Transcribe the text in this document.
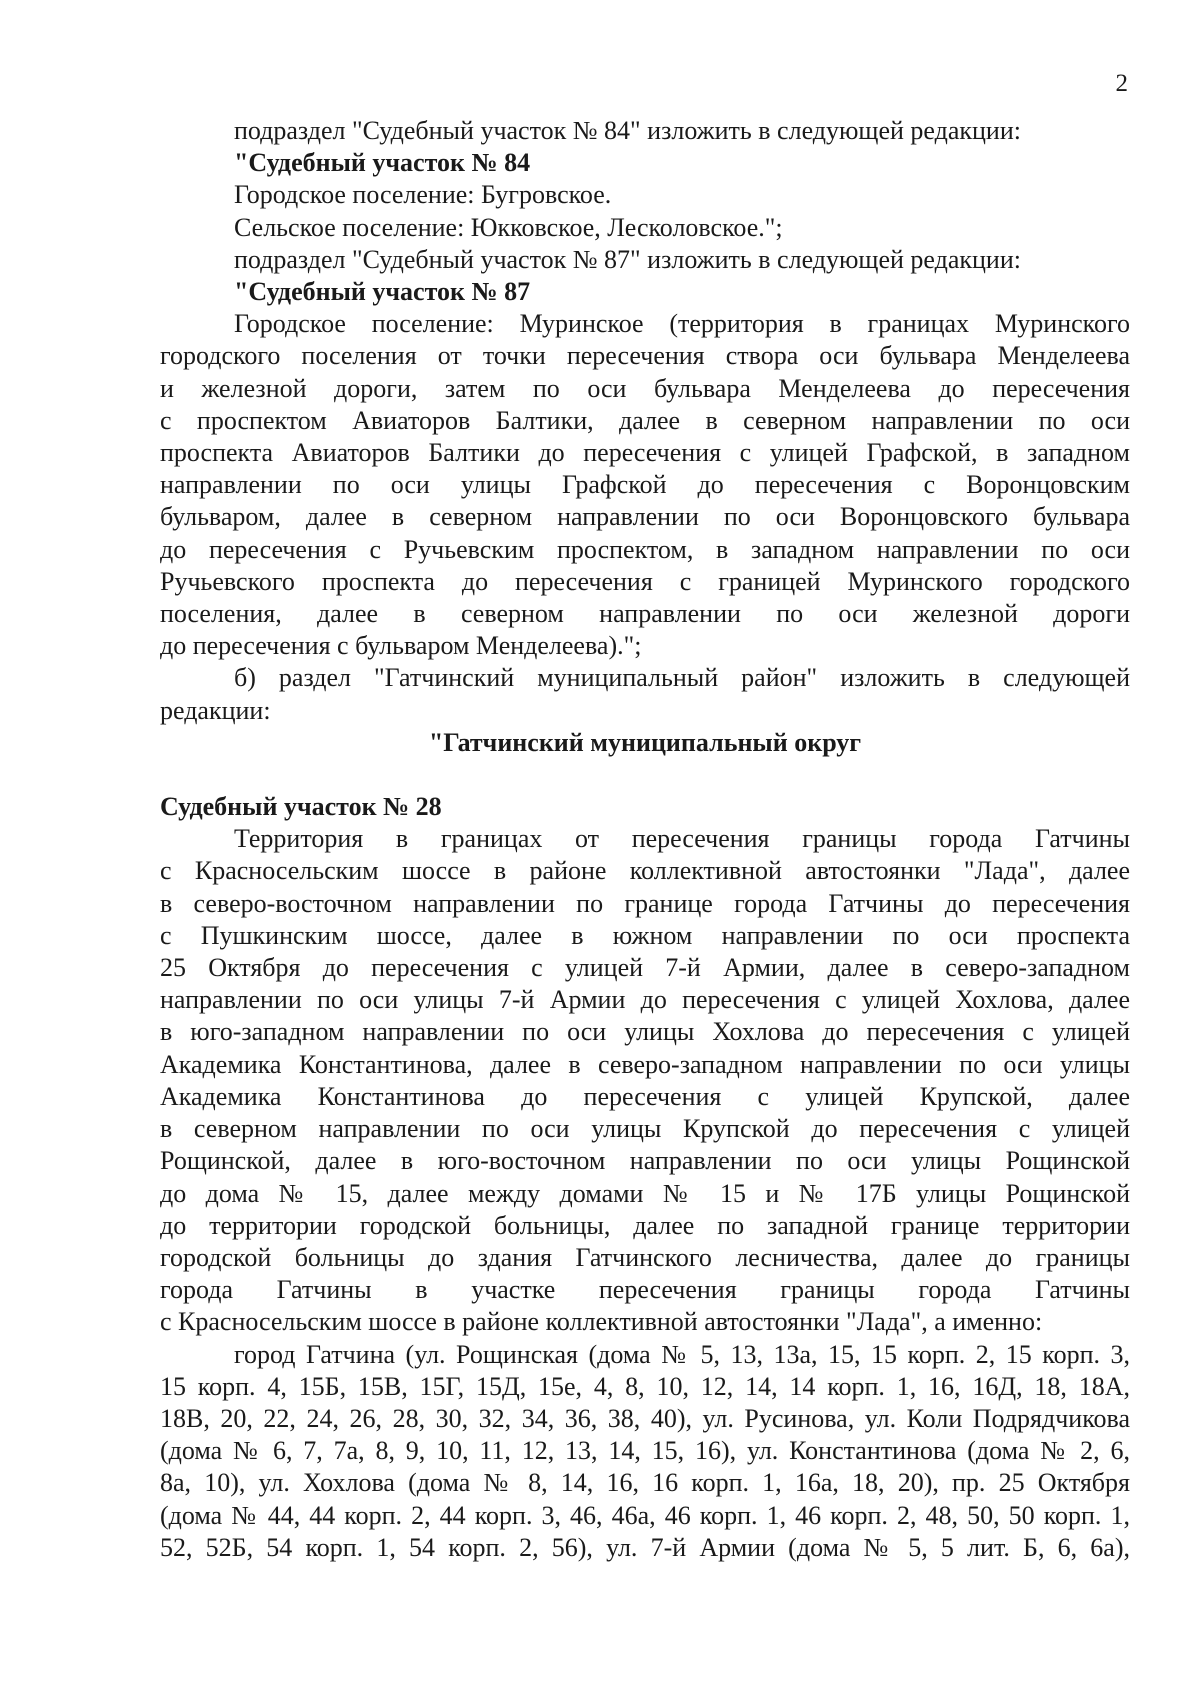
2
подраздел "Судебный участок № 84" изложить в следующей редакции:
"Судебный участок № 84
Городское поселение: Бугровское.
Сельское поселение: Юкковское, Лесколовское.";
подраздел "Судебный участок № 87" изложить в следующей редакции:
"Судебный участок № 87
Городское поселение: Муринское (территория в границах Муринского
городского поселения от точки пересечения створа оси бульвара Менделеева
и железной дороги, затем по оси бульвара Менделеева до пересечения
с проспектом Авиаторов Балтики, далее в северном направлении по оси
проспекта Авиаторов Балтики до пересечения с улицей Графской, в западном
направлении по оси улицы Графской до пересечения с Воронцовским
бульваром, далее в северном направлении по оси Воронцовского бульвара
до пересечения с Ручьевским проспектом, в западном направлении по оси
Ручьевского проспекта до пересечения с границей Муринского городского
поселения, далее в северном направлении по оси железной дороги
до пересечения с бульваром Менделеева).";
б) раздел "Гатчинский муниципальный район" изложить в следующей
редакции:
"Гатчинский муниципальный округ
Судебный участок № 28
Территория в границах от пересечения границы города Гатчины
с Красносельским шоссе в районе коллективной автостоянки "Лада", далее
в северо-восточном направлении по границе города Гатчины до пересечения
с Пушкинским шоссе, далее в южном направлении по оси проспекта
25 Октября до пересечения с улицей 7-й Армии, далее в северо-западном
направлении по оси улицы 7-й Армии до пересечения с улицей Хохлова, далее
в юго-западном направлении по оси улицы Хохлова до пересечения с улицей
Академика Константинова, далее в северо-западном направлении по оси улицы
Академика Константинова до пересечения с улицей Крупской, далее
в северном направлении по оси улицы Крупской до пересечения с улицей
Рощинской, далее в юго-восточном направлении по оси улицы Рощинской
до дома № 15, далее между домами № 15 и № 17Б улицы Рощинской
до территории городской больницы, далее по западной границе территории
городской больницы до здания Гатчинского лесничества, далее до границы
города Гатчины в участке пересечения границы города Гатчины
с Красносельским шоссе в районе коллективной автостоянки "Лада", а именно:
город Гатчина (ул. Рощинская (дома № 5, 13, 13а, 15, 15 корп. 2, 15 корп. 3,
15 корп. 4, 15Б, 15В, 15Г, 15Д, 15е, 4, 8, 10, 12, 14, 14 корп. 1, 16, 16Д, 18, 18А,
18В, 20, 22, 24, 26, 28, 30, 32, 34, 36, 38, 40), ул. Русинова, ул. Коли Подрядчикова
(дома № 6, 7, 7а, 8, 9, 10, 11, 12, 13, 14, 15, 16), ул. Константинова (дома № 2, 6,
8а, 10), ул. Хохлова (дома № 8, 14, 16, 16 корп. 1, 16а, 18, 20), пр. 25 Октября
(дома № 44, 44 корп. 2, 44 корп. 3, 46, 46а, 46 корп. 1, 46 корп. 2, 48, 50, 50 корп. 1,
52, 52Б, 54 корп. 1, 54 корп. 2, 56), ул. 7-й Армии (дома № 5, 5 лит. Б, 6, 6а),
